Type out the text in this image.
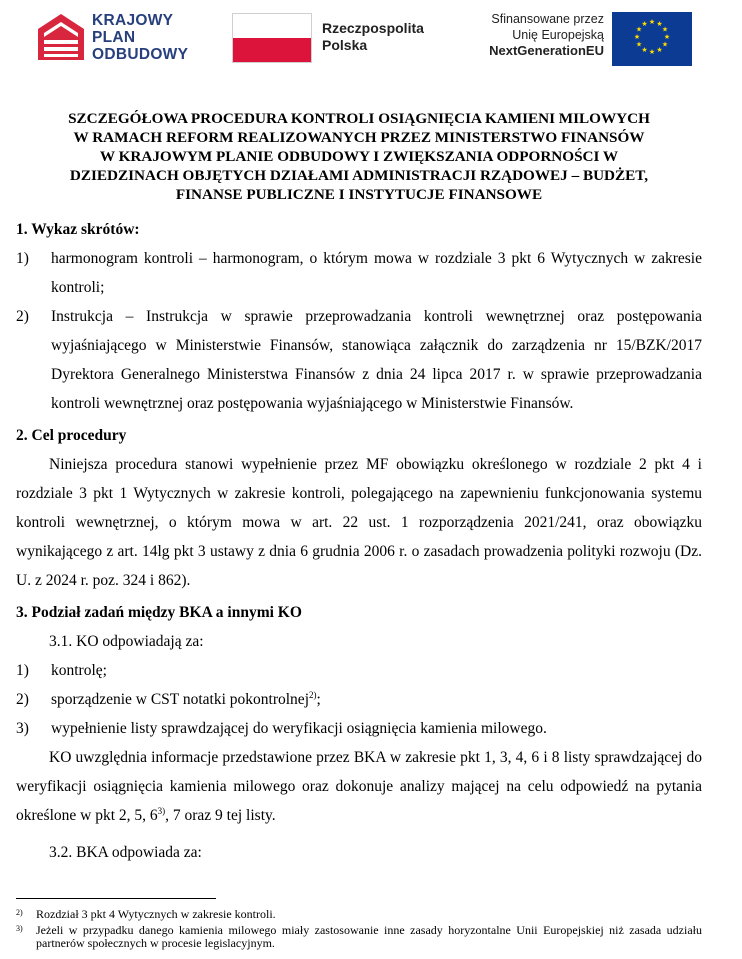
KRAJOWY
PLAN
ODBUDOWY
Rzeczpospolita
Polska
Sfinansowane przez
Unię Europejską
NextGenerationEU
★ ★
★
★
★
★
★
★
★
★
★
★
SZCZEGÓŁOWA PROCEDURA KONTROLI OSIĄGNIĘCIA KAMIENI MILOWYCH
W RAMACH REFORM REALIZOWANYCH PRZEZ MINISTERSTWO FINANSÓW
W KRAJOWYM PLANIE ODBUDOWY I ZWIĘKSZANIA ODPORNOŚCI W
DZIEDZINACH OBJĘTYCH DZIAŁAMI ADMINISTRACJI RZĄDOWEJ – BUDŻET,
FINANSE PUBLICZNE I INSTYTUCJE FINANSOWE

1. Wykaz skrótów:

1) harmonogram kontroli – harmonogram, o którym mowa w rozdziale 3 pkt 6 Wytycznych w zakresie kontroli;
2) Instrukcja – Instrukcja w sprawie przeprowadzania kontroli wewnętrznej oraz postępowania wyjaśniającego w Ministerstwie Finansów, stanowiąca załącznik do zarządzenia nr 15/BZK/2017 Dyrektora Generalnego Ministerstwa Finansów z dnia 24 lipca 2017 r. w sprawie przeprowadzania kontroli wewnętrznej oraz postępowania wyjaśniającego w Ministerstwie Finansów.

2. Cel procedury

Niniejsza procedura stanowi wypełnienie przez MF obowiązku określonego w rozdziale 2 pkt 4 i rozdziale 3 pkt 1 Wytycznych w zakresie kontroli, polegającego na zapewnieniu funkcjonowania systemu kontroli wewnętrznej, o którym mowa w art. 22 ust. 1 rozporządzenia 2021/241, oraz obowiązku wynikającego z art. 14lg pkt 3 ustawy z dnia 6 grudnia 2006 r. o zasadach prowadzenia polityki rozwoju (Dz. U. z 2024 r. poz. 324 i 862).

3. Podział zadań między BKA a innymi KO

3.1. KO odpowiadają za:

1) kontrolę;
2) sporządzenie w CST notatki pokontrolnej$^{2)}$;
3) wypełnienie listy sprawdzającej do weryfikacji osiągnięcia kamienia milowego.

KO uwzględnia informacje przedstawione przez BKA w zakresie pkt 1, 3, 4, 6 i 8 listy sprawdzającej do weryfikacji osiągnięcia kamienia milowego oraz dokonuje analizy mającej na celu odpowiedź na pytania określone w pkt 2, 5, 6$^{3)}$, 7 oraz 9 tej listy.

3.2. BKA odpowiada za:

2)	Rozdział 3 pkt 4 Wytycznych w zakresie kontroli.
3)	Jeżeli w przypadku danego kamienia milowego miały zastosowanie inne zasady horyzontalne Unii Europejskiej niż zasada udziału partnerów społecznych w procesie legislacyjnym.
